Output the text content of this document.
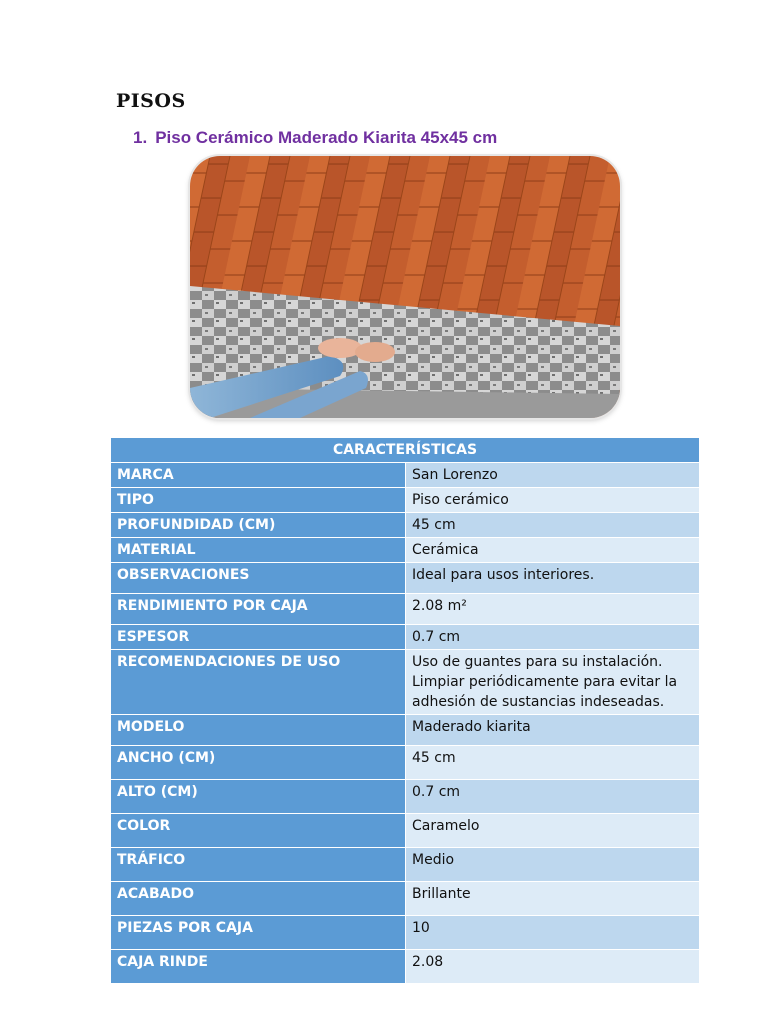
PISOS
1. Piso Cerámico Maderado Kiarita 45x45 cm
CARACTERÍSTICAS	
MARCA	San Lorenzo
TIPO	Piso cerámico
PROFUNDIDAD (CM)	45 cm
MATERIAL	Cerámica
OBSERVACIONES	Ideal para usos interiores.
RENDIMIENTO POR CAJA	2.08 m²
ESPESOR	0.7 cm
RECOMENDACIONES DE USO	Uso de guantes para su instalación. Limpiar periódicamente para evitar la adhesión de sustancias indeseadas.
MODELO	Maderado kiarita
ANCHO (CM)	45 cm
ALTO (CM)	0.7 cm
COLOR	Caramelo
TRÁFICO	Medio
ACABADO	Brillante
PIEZAS POR CAJA	10
CAJA RINDE	2.08
